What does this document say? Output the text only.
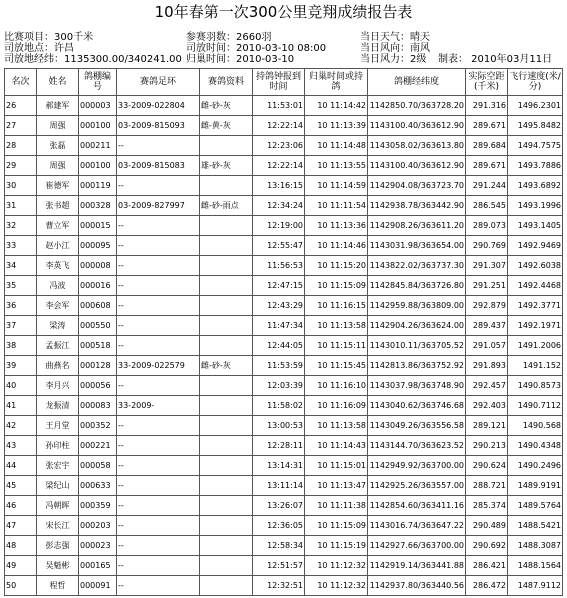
10年春第一次300公里竞翔成绩报告表
比赛项目：300千米
司放地点：许昌
司放地经纬：1135300.00/340241.00
参赛羽数：2660羽
司放时间：2010-03-10 08:00
归巢时间：2010-03-10
当日天气：晴天
当日风向：南风
当日风力：2级 制表： 2010年03月11日
名次	姓名	鸽棚编号	赛鸽足环	赛鸽资料	持鸽钟报到时间	归巢时间或持鸽	鸽棚经纬度	实际空距(千米)	飞行速度(米/分)
26	郝建军	000003	33-2009-022804	雌-砂-灰	11:53:01	10 11:14:42	1142850.70/363728.20	291.316	1496.2301
27	周强	000100	03-2009-815093	雌-黄-灰	12:22:14	10 11:13:39	1143100.40/363612.90	289.671	1495.8482
28	张磊	000211	--		12:23:06	10 11:14:48	1143058.02/363613.80	289.684	1494.7575
29	周强	000100	03-2009-815083	雄-砂-灰	12:22:14	10 11:13:55	1143100.40/363612.90	289.671	1493.7886
30	崔德军	000119	--		13:16:15	10 11:14:59	1142904.08/363723.70	291.244	1493.6892
31	张书超	000328	03-2009-827997	雌-砂-雨点	12:34:24	10 11:11:54	1142938.78/363442.90	286.545	1493.1996
32	曹立军	000015	--		12:19:00	10 11:13:36	1142908.26/363611.20	289.073	1493.1405
33	赵小江	000095	--		12:55:47	10 11:14:46	1143031.98/363654.00	290.769	1492.9469
34	李英飞	000008	--		11:56:53	10 11:15:20	1143822.02/363737.30	291.307	1492.6038
35	冯波	000016	--		12:47:15	10 11:15:09	1142845.84/363726.80	291.251	1492.4468
36	李会军	000608	--		12:43:29	10 11:16:15	1142959.88/363809.00	292.879	1492.3771
37	梁涛	000550	--		11:47:34	10 11:13:58	1142904.26/363624.00	289.437	1492.1971
38	孟振江	000518	--		12:44:05	10 11:15:11	1143010.11/363705.52	291.057	1491.2006
39	曲燕名	000128	33-2009-022579	雌-砂-灰	11:53:59	10 11:15:45	1142813.86/363752.92	291.893	1491.152
40	李月兴	000056	--		12:03:39	10 11:16:10	1143037.98/363748.90	292.457	1490.8573
41	龙振清	000083	33-2009-		11:58:02	10 11:16:09	1143040.62/363746.68	292.403	1490.7112
42	王月堂	000352	--		13:00:53	10 11:13:58	1143049.26/363556.58	289.121	1490.568
43	孙印柱	000221	--		12:28:11	10 11:14:43	1143144.70/363623.52	290.213	1490.4348
44	张宏宇	000058	--		13:14:31	10 11:15:01	1142949.92/363700.00	290.624	1490.2496
45	梁纪山	000633	--		13:11:14	10 11:13:47	1142925.26/363557.00	288.721	1489.9191
46	冯朝晖	000359	--		13:26:07	10 11:11:38	1142854.60/363411.16	285.374	1489.5764
47	宋长江	000203	--		12:36:05	10 11:15:09	1143016.74/363647.22	290.489	1488.5421
48	彭志强	000023	--		12:58:34	10 11:15:19	1142927.66/363700.00	290.692	1488.3087
49	吴魁彬	000165	--		12:51:57	10 11:12:32	1142919.14/363441.88	286.421	1488.1564
50	程哲	000091	--		12:32:51	10 11:12:32	1142937.80/363440.56	286.472	1487.9112
